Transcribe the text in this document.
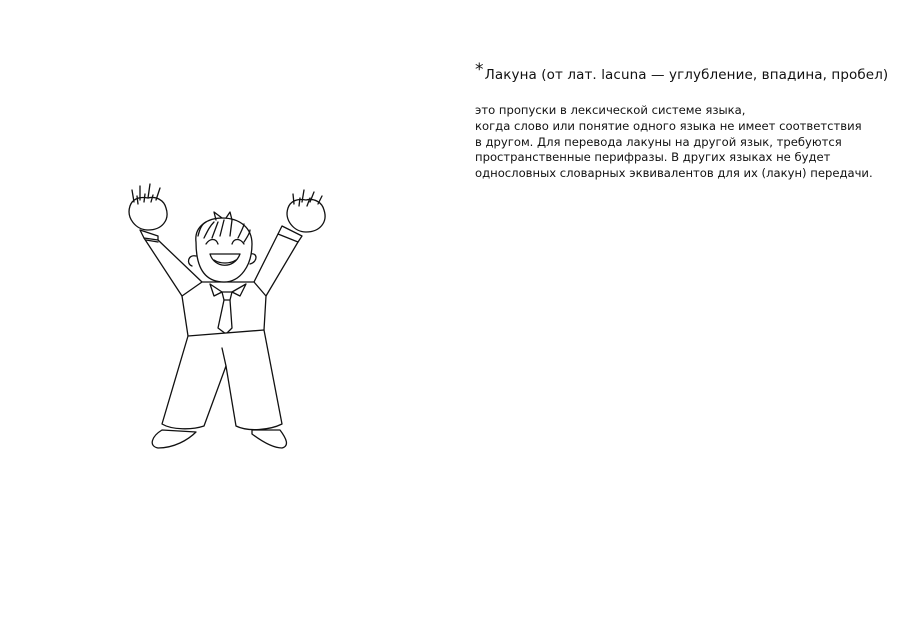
*Лакуна (от лат. lacuna — углубление, впадина, пробел)
это пропуски в лексической системе языка,
когда слово или понятие одного языка не имеет соответствия
в другом. Для перевода лакуны на другой язык, требуются
пространственные перифразы. В других языках не будет
однословных словарных эквивалентов для их (лакун) передачи.
